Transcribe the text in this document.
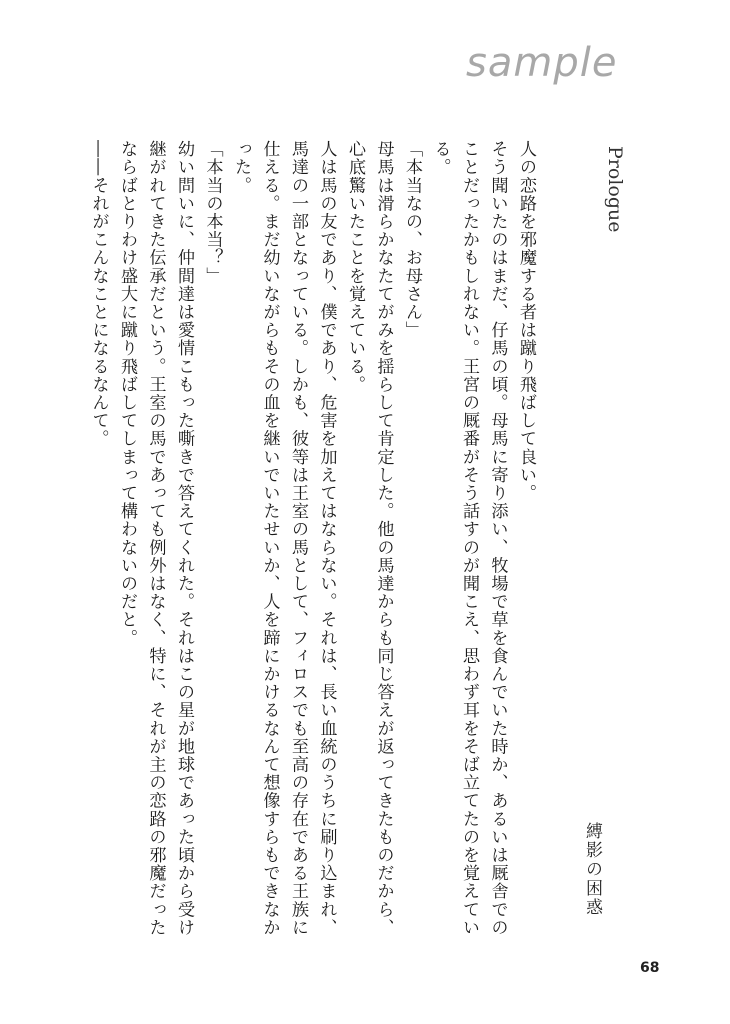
sample
Prologue
縛影の困惑

人の恋路を邪魔する者は蹴り飛ばして良い。

そう聞いたのはまだ、仔馬の頃。母馬に寄り添い、牧場で草を食んでいた時か、あるいは厩舎でのことだったかもしれない。王宮の厩番がそう話すのが聞こえ、思わず耳をそば立てたのを覚えている。

「本当なの、お母さん」

母馬は滑らかなたてがみを揺らして肯定した。他の馬達からも同じ答えが返ってきたものだから、心底驚いたことを覚えている。

人は馬の友であり、僕であり、危害を加えてはならない。それは、長い血統のうちに刷り込まれ、馬達の一部となっている。しかも、彼等は王室の馬として、フィロスでも至高の存在である王族に仕える。まだ幼いながらもその血を継いでいたせいか、人を蹄にかけるなんて想像すらもできなかった。

「本当の本当？」

幼い問いに、仲間達は愛情こもった嘶きで答えてくれた。それはこの星が地球であった頃から受け継がれてきた伝承だという。王室の馬であっても例外はなく、特に、それが主の恋路の邪魔だったならばとりわけ盛大に蹴り飛ばしてしまって構わないのだと。

――それがこんなことになるなんて。

68
